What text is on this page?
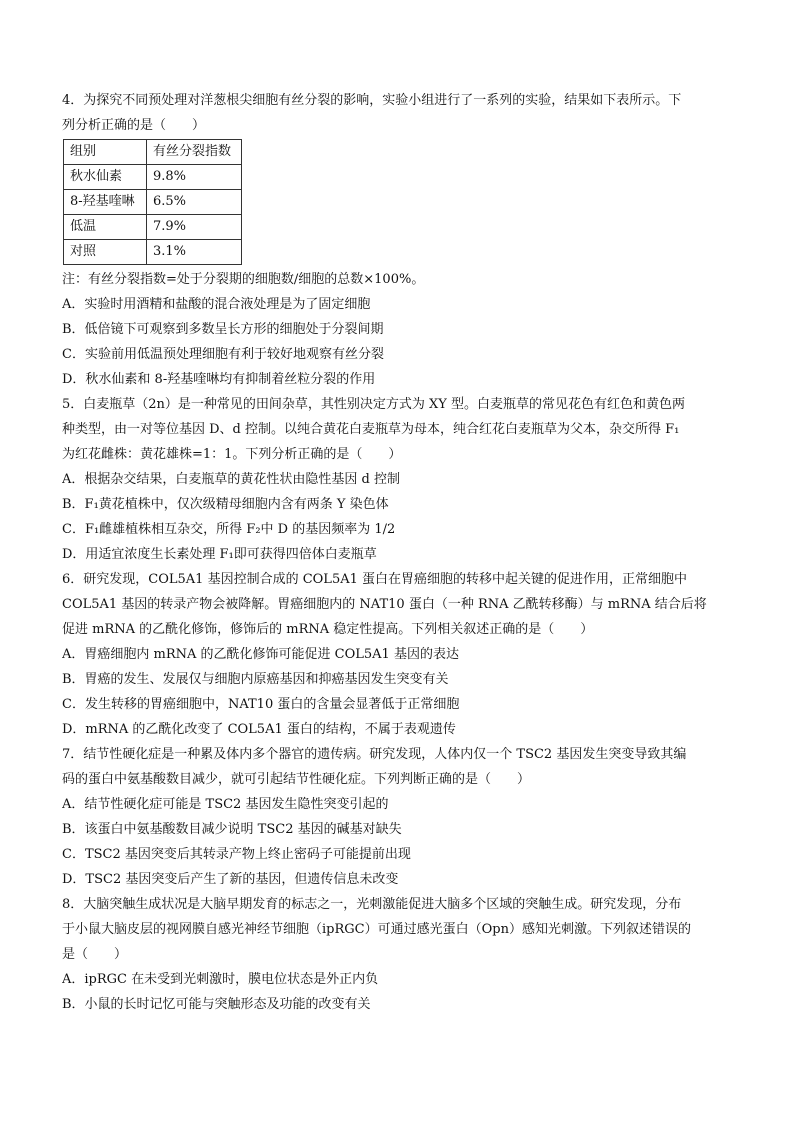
4．为探究不同预处理对洋葱根尖细胞有丝分裂的影响，实验小组进行了一系列的实验，结果如下表所示。下
列分析正确的是（　　）
组别	有丝分裂指数
秋水仙素	9.8%
8-羟基喹啉	6.5%
低温	7.9%
对照	3.1%
注：有丝分裂指数=处于分裂期的细胞数/细胞的总数×100%。
A．实验时用酒精和盐酸的混合液处理是为了固定细胞
B．低倍镜下可观察到多数呈长方形的细胞处于分裂间期
C．实验前用低温预处理细胞有利于较好地观察有丝分裂
D．秋水仙素和 8-羟基喹啉均有抑制着丝粒分裂的作用
5．白麦瓶草（2n）是一种常见的田间杂草，其性别决定方式为 XY 型。白麦瓶草的常见花色有红色和黄色两
种类型，由一对等位基因 D、d 控制。以纯合黄花白麦瓶草为母本，纯合红花白麦瓶草为父本，杂交所得 F₁
为红花雌株：黄花雄株=1：1。下列分析正确的是（　　）
A．根据杂交结果，白麦瓶草的黄花性状由隐性基因 d 控制
B．F₁黄花植株中，仅次级精母细胞内含有两条 Y 染色体
C．F₁雌雄植株相互杂交，所得 F₂中 D 的基因频率为 1/2
D．用适宜浓度生长素处理 F₁即可获得四倍体白麦瓶草
6．研究发现，COL5A1 基因控制合成的 COL5A1 蛋白在胃癌细胞的转移中起关键的促进作用，正常细胞中
COL5A1 基因的转录产物会被降解。胃癌细胞内的 NAT10 蛋白（一种 RNA 乙酰转移酶）与 mRNA 结合后将
促进 mRNA 的乙酰化修饰，修饰后的 mRNA 稳定性提高。下列相关叙述正确的是（　　）
A．胃癌细胞内 mRNA 的乙酰化修饰可能促进 COL5A1 基因的表达
B．胃癌的发生、发展仅与细胞内原癌基因和抑癌基因发生突变有关
C．发生转移的胃癌细胞中，NAT10 蛋白的含量会显著低于正常细胞
D．mRNA 的乙酰化改变了 COL5A1 蛋白的结构，不属于表观遗传
7．结节性硬化症是一种累及体内多个器官的遗传病。研究发现，人体内仅一个 TSC2 基因发生突变导致其编
码的蛋白中氨基酸数目减少，就可引起结节性硬化症。下列判断正确的是（　　）
A．结节性硬化症可能是 TSC2 基因发生隐性突变引起的
B．该蛋白中氨基酸数目减少说明 TSC2 基因的碱基对缺失
C．TSC2 基因突变后其转录产物上终止密码子可能提前出现
D．TSC2 基因突变后产生了新的基因，但遗传信息未改变
8．大脑突触生成状况是大脑早期发育的标志之一，光刺激能促进大脑多个区域的突触生成。研究发现，分布
于小鼠大脑皮层的视网膜自感光神经节细胞（ipRGC）可通过感光蛋白（Opn）感知光刺激。下列叙述错误的
是（　　）
A．ipRGC 在未受到光刺激时，膜电位状态是外正内负
B．小鼠的长时记忆可能与突触形态及功能的改变有关
